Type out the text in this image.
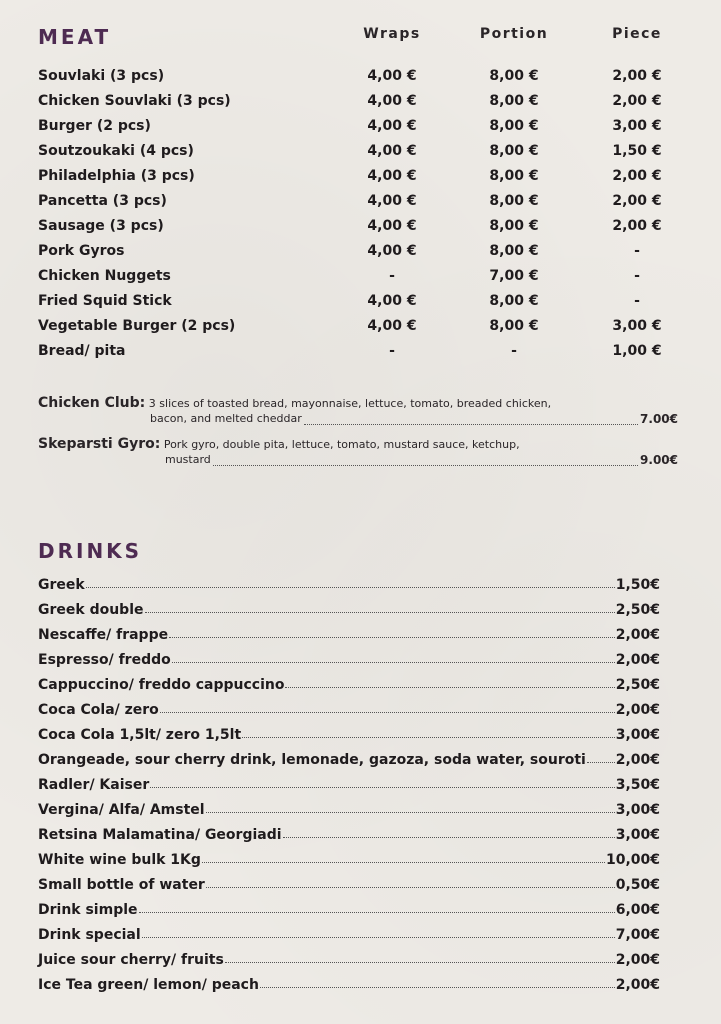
MEAT	Wraps	Portion	Piece
Souvlaki (3 pcs)	4,00 €	8,00 €	2,00 €
Chicken Souvlaki (3 pcs)	4,00 €	8,00 €	2,00 €
Burger (2 pcs)	4,00 €	8,00 €	3,00 €
Soutzoukaki (4 pcs)	4,00 €	8,00 €	1,50 €
Philadelphia (3 pcs)	4,00 €	8,00 €	2,00 €
Pancetta (3 pcs)	4,00 €	8,00 €	2,00 €
Sausage (3 pcs)	4,00 €	8,00 €	2,00 €
Pork Gyros	4,00 €	8,00 €	-
Chicken Nuggets	-	7,00 €	-
Fried Squid Stick	4,00 €	8,00 €	-
Vegetable Burger (2 pcs)	4,00 €	8,00 €	3,00 €
Bread/ pita	-	-	1,00 €
Chicken Club: 3 slices of toasted bread, mayonnaise, lettuce, tomato, breaded chicken,
bacon, and melted cheddar	7.00€
Skeparsti Gyro: Pork gyro, double pita, lettuce, tomato, mustard sauce, ketchup,
mustard	9.00€
DRINKS
Greek	1,50€
Greek double	2,50€
Nescaffe/ frappe	2,00€
Espresso/ freddo	2,00€
Cappuccino/ freddo cappuccino	2,50€
Coca Cola/ zero	2,00€
Coca Cola 1,5lt/ zero 1,5lt	3,00€
Orangeade, sour cherry drink, lemonade, gazoza, soda water, souroti 2,00€
Radler/ Kaiser	3,50€
Vergina/ Alfa/ Amstel	3,00€
Retsina Malamatina/ Georgiadi	3,00€
White wine bulk 1Kg	10,00€
Small bottle of water	0,50€
Drink simple	6,00€
Drink special	7,00€
Juice sour cherry/ fruits	2,00€
Ice Tea green/ lemon/ peach	2,00€
